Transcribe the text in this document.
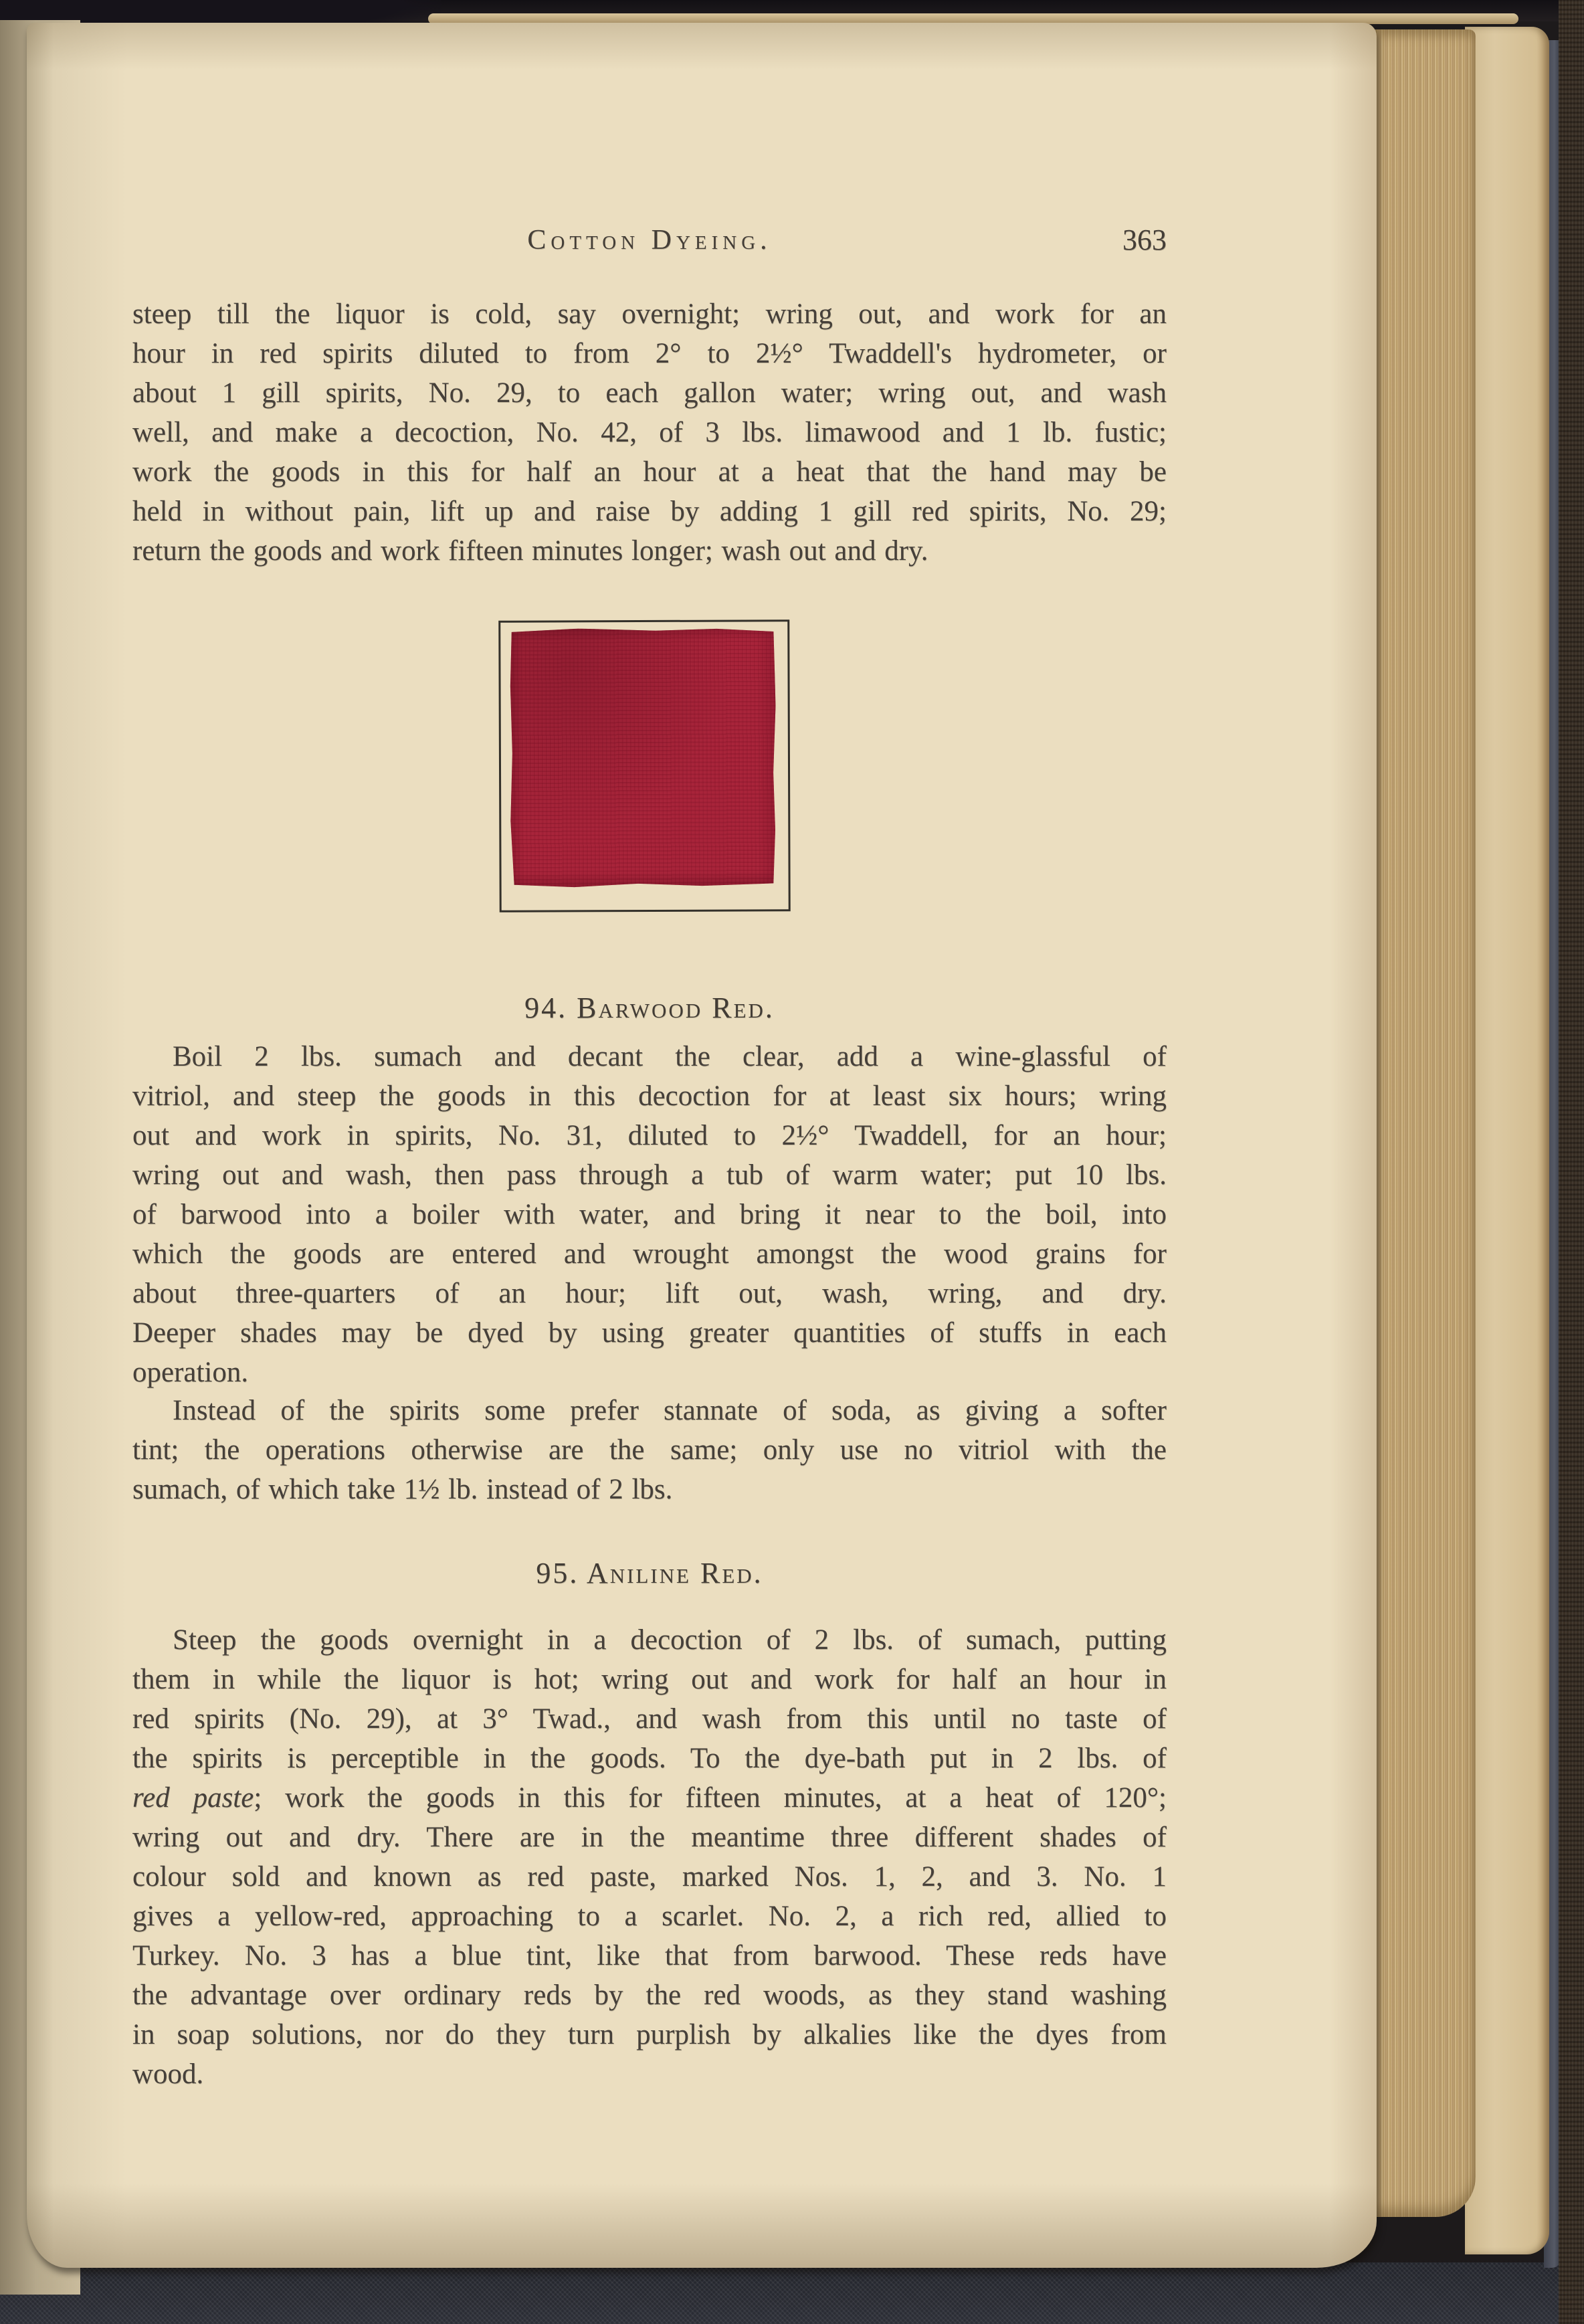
Cotton Dyeing.	363
steep till the liquor is cold, say overnight; wring out, and work for an
hour in red spirits diluted to from 2° to 2½° Twaddell's hydrometer, or
about 1 gill spirits, No. 29, to each gallon water; wring out, and wash
well, and make a decoction, No. 42, of 3 lbs. limawood and 1 lb. fustic;
work the goods in this for half an hour at a heat that the hand may be
held in without pain, lift up and raise by adding 1 gill red spirits, No. 29;
return the goods and work fifteen minutes longer; wash out and dry.
94. Barwood Red.
Boil 2 lbs. sumach and decant the clear, add a wine-glassful of
vitriol, and steep the goods in this decoction for at least six hours; wring
out and work in spirits, No. 31, diluted to 2½° Twaddell, for an hour;
wring out and wash, then pass through a tub of warm water; put 10 lbs.
of barwood into a boiler with water, and bring it near to the boil, into
which the goods are entered and wrought amongst the wood grains for
about three-quarters of an hour; lift out, wash, wring, and dry.
Deeper shades may be dyed by using greater quantities of stuffs in each
operation.
Instead of the spirits some prefer stannate of soda, as giving a softer
tint; the operations otherwise are the same; only use no vitriol with the
sumach, of which take 1½ lb. instead of 2 lbs.
95. Aniline Red.
Steep the goods overnight in a decoction of 2 lbs. of sumach, putting
them in while the liquor is hot; wring out and work for half an hour in
red spirits (No. 29), at 3° Twad., and wash from this until no taste of
the spirits is perceptible in the goods. To the dye-bath put in 2 lbs. of
red paste; work the goods in this for fifteen minutes, at a heat of 120°;
wring out and dry. There are in the meantime three different shades of
colour sold and known as red paste, marked Nos. 1, 2, and 3. No. 1
gives a yellow-red, approaching to a scarlet. No. 2, a rich red, allied to
Turkey. No. 3 has a blue tint, like that from barwood. These reds have
the advantage over ordinary reds by the red woods, as they stand washing
in soap solutions, nor do they turn purplish by alkalies like the dyes from
wood.
